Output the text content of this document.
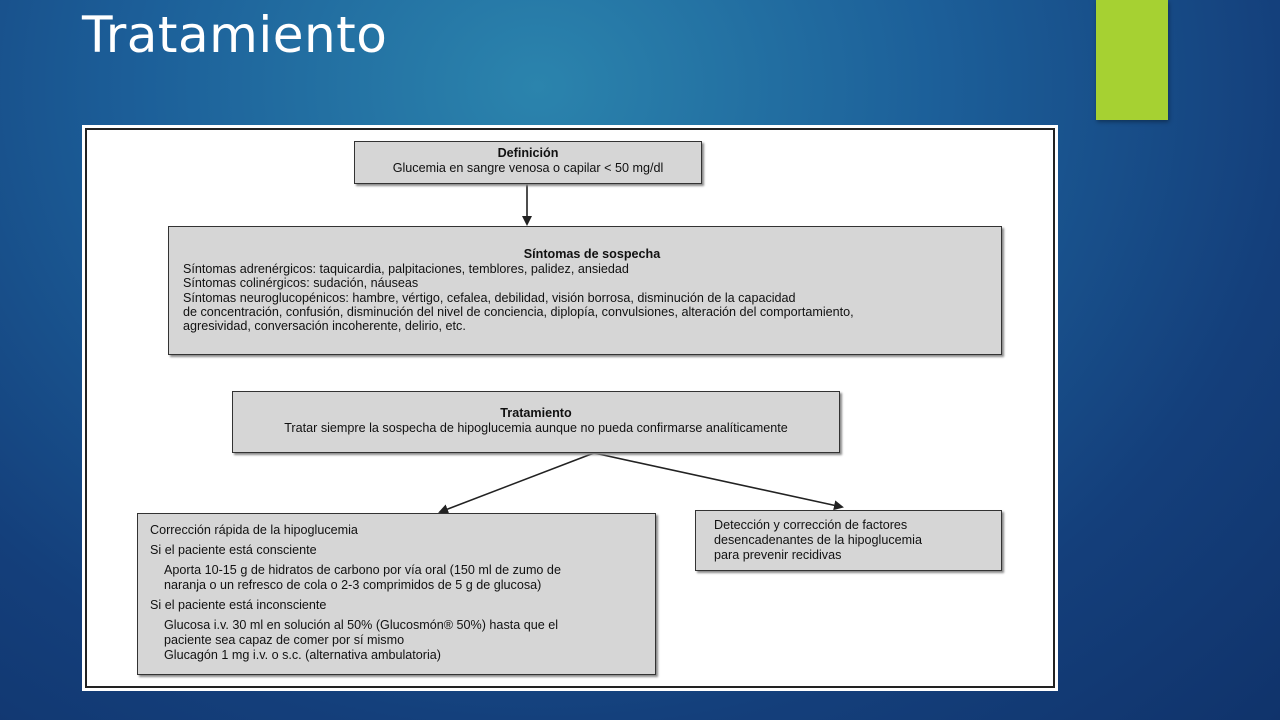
Tratamiento
Definición
Glucemia en sangre venosa o capilar < 50 mg/dl
Síntomas de sospecha
Síntomas adrenérgicos: taquicardia, palpitaciones, temblores, palidez, ansiedad
Síntomas colinérgicos: sudación, náuseas
Síntomas neuroglucopénicos: hambre, vértigo, cefalea, debilidad, visión borrosa, disminución de la capacidad
de concentración, confusión, disminución del nivel de conciencia, diplopía, convulsiones, alteración del comportamiento,
agresividad, conversación incoherente, delirio, etc.
Tratamiento
Tratar siempre la sospecha de hipoglucemia aunque no pueda confirmarse analíticamente
Corrección rápida de la hipoglucemia
Si el paciente está consciente
Aporta 10-15 g de hidratos de carbono por vía oral (150 ml de zumo de
naranja o un refresco de cola o 2-3 comprimidos de 5 g de glucosa)
Si el paciente está inconsciente
Glucosa i.v. 30 ml en solución al 50% (Glucosmón® 50%) hasta que el
paciente sea capaz de comer por sí mismo
Glucagón 1 mg i.v. o s.c. (alternativa ambulatoria)
Detección y corrección de factores
desencadenantes de la hipoglucemia
para prevenir recidivas
